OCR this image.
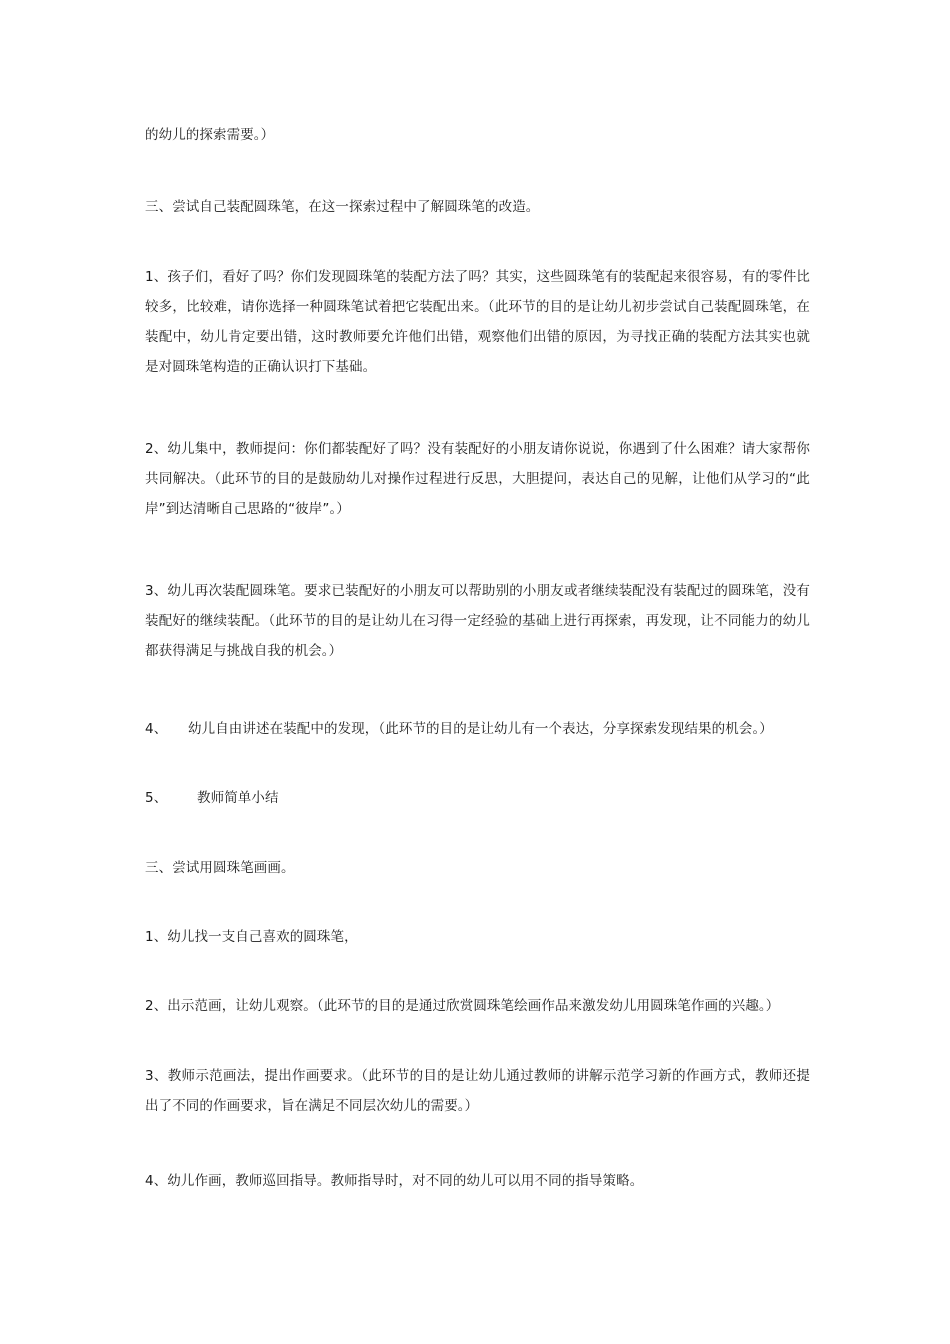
的幼儿的探索需要。）

三、尝试自己装配圆珠笔，在这一探索过程中了解圆珠笔的改造。

1、孩子们，看好了吗？你们发现圆珠笔的装配方法了吗？其实，这些圆珠笔有的装配起来很容易，有的零件比较多，比较难，请你选择一种圆珠笔试着把它装配出来。（此环节的目的是让幼儿初步尝试自己装配圆珠笔，在装配中，幼儿肯定要出错，这时教师要允许他们出错，观察他们出错的原因，为寻找正确的装配方法其实也就是对圆珠笔构造的正确认识打下基础。

2、幼儿集中，教师提问：你们都装配好了吗？没有装配好的小朋友请你说说，你遇到了什么困难？请大家帮你共同解决。（此环节的目的是鼓励幼儿对操作过程进行反思，大胆提问，表达自己的见解，让他们从学习的“此岸”到达清晰自己思路的“彼岸”。）

3、幼儿再次装配圆珠笔。要求已装配好的小朋友可以帮助别的小朋友或者继续装配没有装配过的圆珠笔，没有装配好的继续装配。（此环节的目的是让幼儿在习得一定经验的基础上进行再探索，再发现，让不同能力的幼儿都获得满足与挑战自我的机会。）

4、 幼儿自由讲述在装配中的发现，（此环节的目的是让幼儿有一个表达，分享探索发现结果的机会。）

5、 教师简单小结

三、尝试用圆珠笔画画。

1、幼儿找一支自己喜欢的圆珠笔，

2、出示范画，让幼儿观察。（此环节的目的是通过欣赏圆珠笔绘画作品来激发幼儿用圆珠笔作画的兴趣。）

3、教师示范画法，提出作画要求。（此环节的目的是让幼儿通过教师的讲解示范学习新的作画方式，教师还提出了不同的作画要求，旨在满足不同层次幼儿的需要。）

4、幼儿作画，教师巡回指导。教师指导时，对不同的幼儿可以用不同的指导策略。
